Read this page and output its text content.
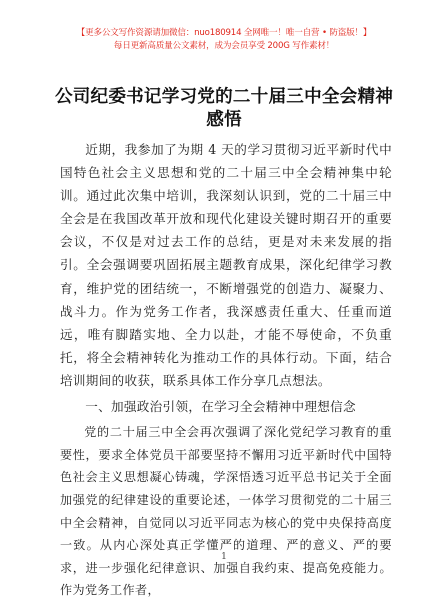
【更多公文写作资源请加微信：nuo180914 全网唯一！唯一自营 • 防盗版！】
每日更新高质量公文素材，成为会员享受 200G 写作素材！
公司纪委书记学习党的二十届三中全会精神感悟

近期，我参加了为期 4 天的学习贯彻习近平新时代中国特色社会主义思想和党的二十届三中全会精神集中轮训。通过此次集中培训，我深刻认识到，党的二十届三中全会是在我国改革开放和现代化建设关键时期召开的重要会议，不仅是对过去工作的总结，更是对未来发展的指引。全会强调要巩固拓展主题教育成果，深化纪律学习教育，维护党的团结统一，不断增强党的创造力、凝聚力、战斗力。作为党务工作者，我深感责任重大、任重而道远，唯有脚踏实地、全力以赴，才能不辱使命，不负重托，将全会精神转化为推动工作的具体行动。下面，结合培训期间的收获，联系具体工作分享几点想法。

一、加强政治引领，在学习全会精神中理想信念

党的二十届三中全会再次强调了深化党纪学习教育的重要性，要求全体党员干部要坚持不懈用习近平新时代中国特色社会主义思想凝心铸魂，学深悟透习近平总书记关于全面加强党的纪律建设的重要论述，一体学习贯彻党的二十届三中全会精神，自觉同以习近平同志为核心的党中央保持高度一致。从内心深处真正学懂严的道理、严的意义、严的要求，进一步强化纪律意识、加强自我约束、提高免疫能力。作为党务工作者，

1
